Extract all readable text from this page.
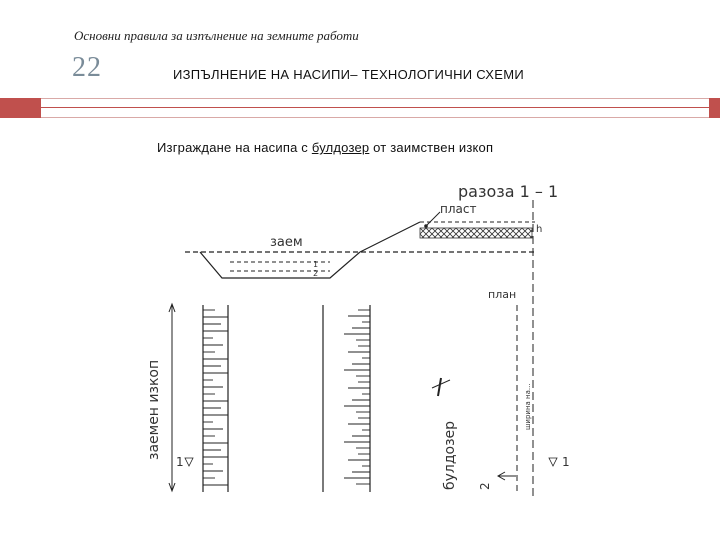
Основни правила за изпълнение на земните работи
22	ИЗПЪЛНЕНИЕ НА НАСИПИ– ТЕХНОЛОГИЧНИ СХЕМИ
Изграждане на насипа с булдозер от заимствен изкоп
разоза 1 – 1
пласт
заем
1
2
h
план
заемен изкоп	ширина на...
булдозер
1	1
2
